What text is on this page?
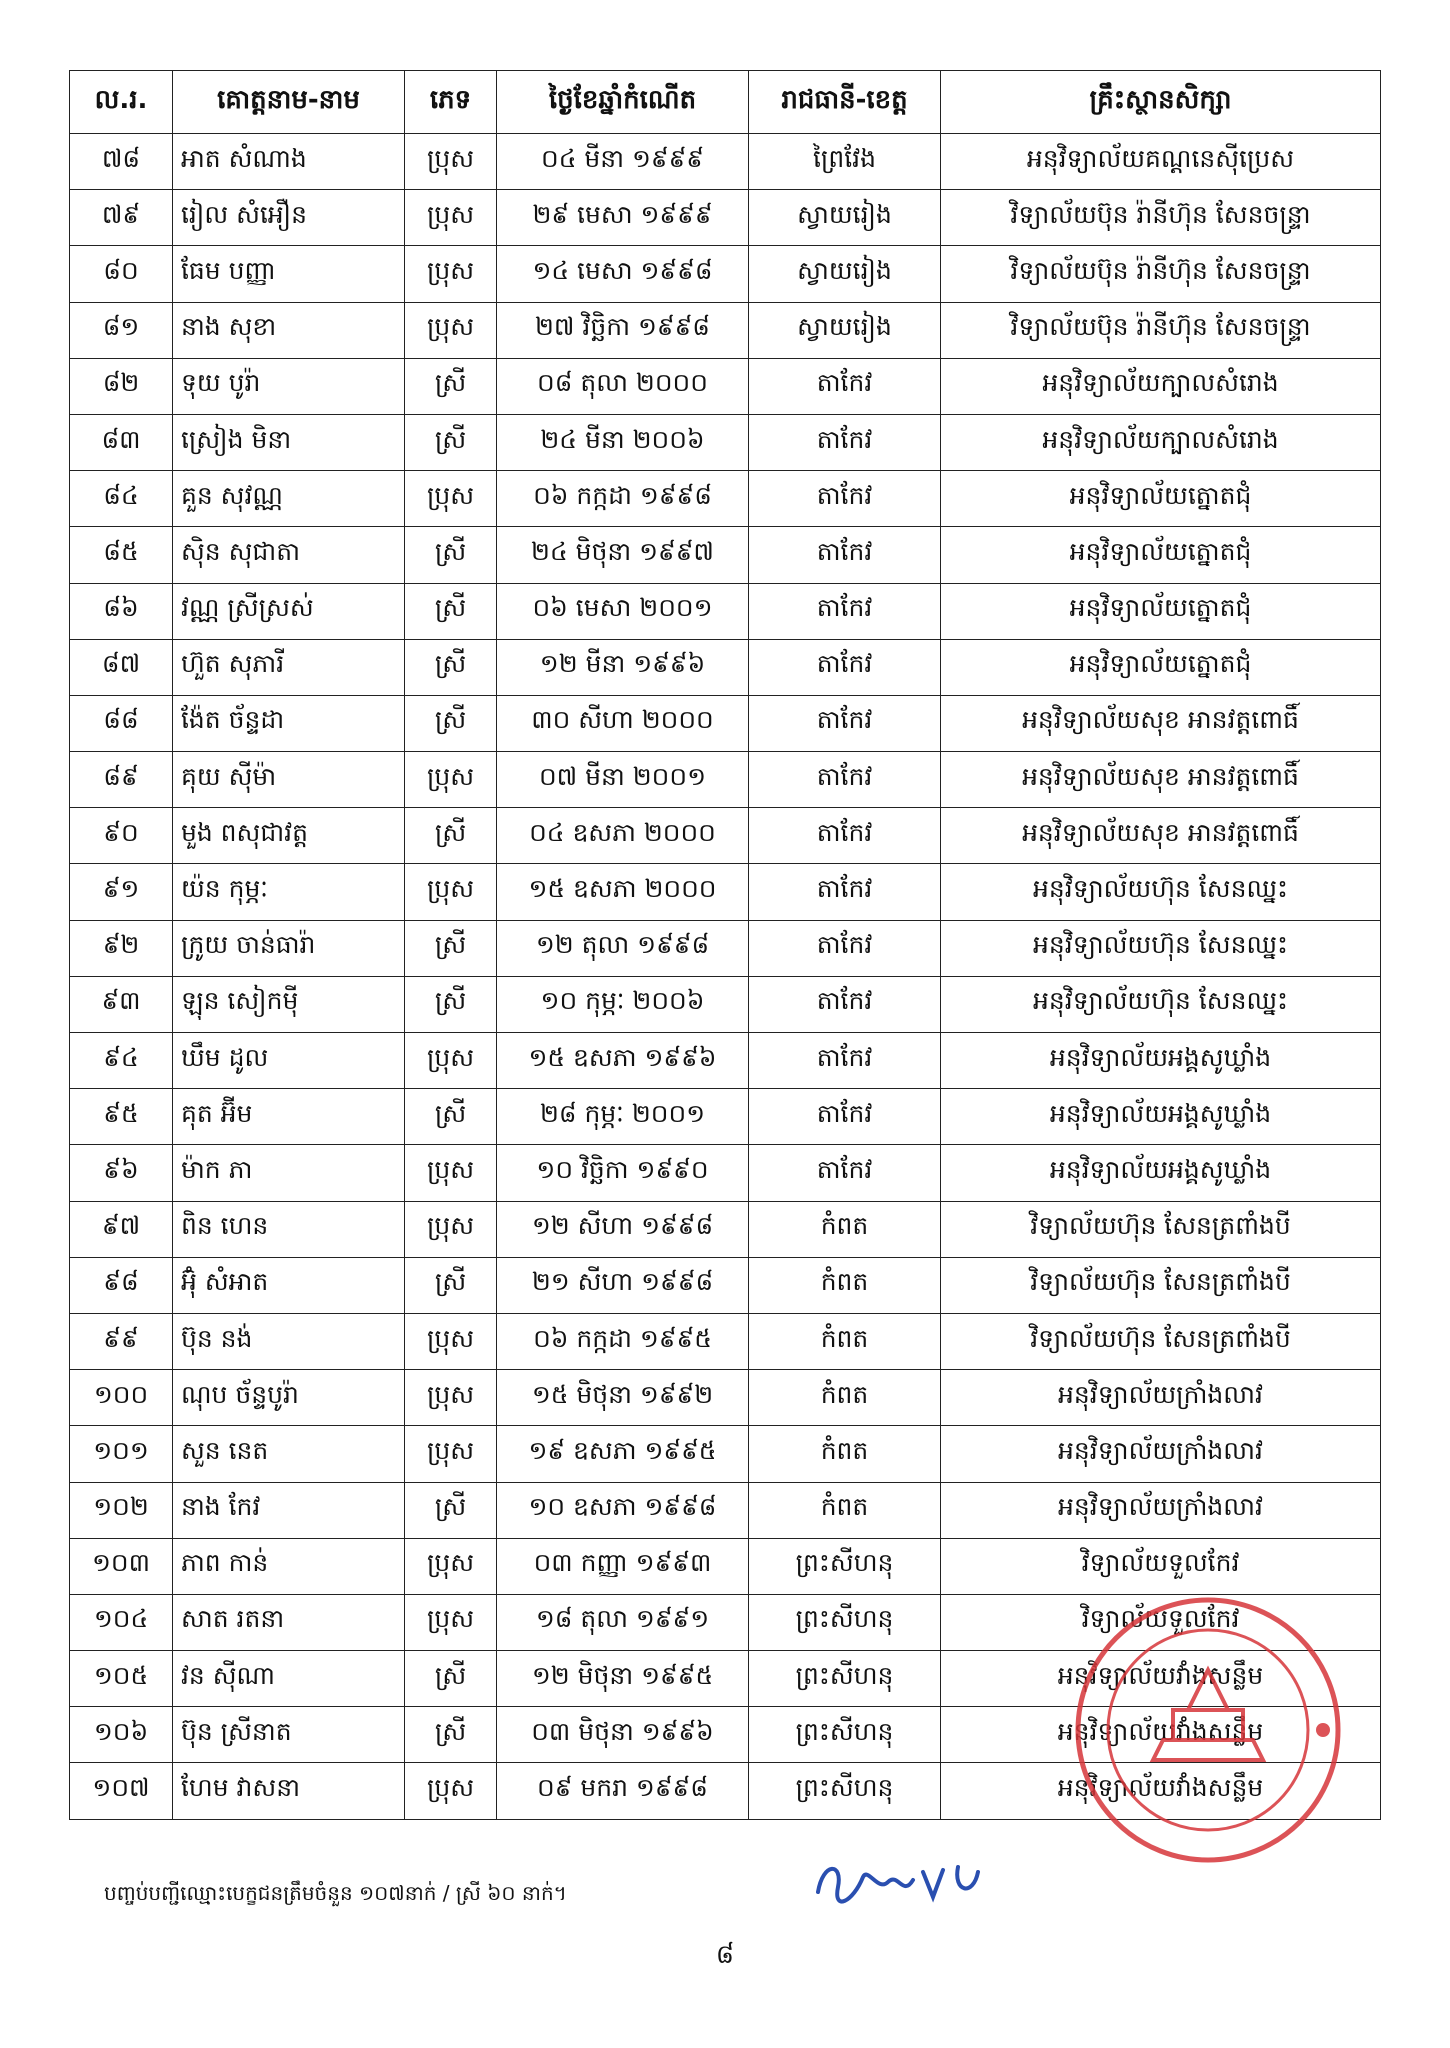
ល.រ.	គោត្តនាម-នាម	ភេទ	ថ្ងៃខែឆ្នាំកំណើត	រាជធានី-ខេត្ត	គ្រឹះស្ថានសិក្សា
៧៨	អាត សំណាង	ប្រុស	០៤ មីនា ១៩៩៩	ព្រៃវែង	អនុវិទ្យាល័យគណ្ដនេស៊ីប្រេស
៧៩	រៀល សំអឿន	ប្រុស	២៩ មេសា ១៩៩៩	ស្វាយរៀង	វិទ្យាល័យប៊ុន រ៉ានីហ៊ុន សែនចន្ទ្រា
៨០	ធែម បញ្ញា	ប្រុស	១៤ មេសា ១៩៩៨	ស្វាយរៀង	វិទ្យាល័យប៊ុន រ៉ានីហ៊ុន សែនចន្ទ្រា
៨១	នាង សុខា	ប្រុស	២៧ វិច្ឆិកា ១៩៩៨	ស្វាយរៀង	វិទ្យាល័យប៊ុន រ៉ានីហ៊ុន សែនចន្ទ្រា
៨២	ទុយ បូរ៉ា	ស្រី	០៨ តុលា ២០០០	តាកែវ	អនុវិទ្យាល័យក្បាលសំរោង
៨៣	ស្រៀង មិនា	ស្រី	២៤ មីនា ២០០៦	តាកែវ	អនុវិទ្យាល័យក្បាលសំរោង
៨៤	គួន សុវណ្ណ	ប្រុស	០៦ កក្កដា ១៩៩៨	តាកែវ	អនុវិទ្យាល័យត្នោតជុំ
៨៥	ស៊ិន សុជាតា	ស្រី	២៤ មិថុនា ១៩៩៧	តាកែវ	អនុវិទ្យាល័យត្នោតជុំ
៨៦	វណ្ណ ស្រីស្រស់	ស្រី	០៦ មេសា ២០០១	តាកែវ	អនុវិទ្យាល័យត្នោតជុំ
៨៧	ហ៊ួត សុភារី	ស្រី	១២ មីនា ១៩៩៦	តាកែវ	អនុវិទ្យាល័យត្នោតជុំ
៨៨	ង៉ែត ច័ន្ទដា	ស្រី	៣០ សីហា ២០០០	តាកែវ	អនុវិទ្យាល័យសុខ អានវត្តពោធិ៍
៨៩	គុយ ស៊ីម៉ា	ប្រុស	០៧ មីនា ២០០១	តាកែវ	អនុវិទ្យាល័យសុខ អានវត្តពោធិ៍
៩០	មួង ពសុជាវត្ត	ស្រី	០៤ ឧសភា ២០០០	តាកែវ	អនុវិទ្យាល័យសុខ អានវត្តពោធិ៍
៩១	យ៉ន កុម្ភៈ	ប្រុស	១៥ ឧសភា ២០០០	តាកែវ	អនុវិទ្យាល័យហ៊ុន សែនឈ្នះ
៩២	ក្រូយ ចាន់ធារ៉ា	ស្រី	១២ តុលា ១៩៩៨	តាកែវ	អនុវិទ្យាល័យហ៊ុន សែនឈ្នះ
៩៣	ឡុន សៀកមុី	ស្រី	១០ កុម្ភៈ ២០០៦	តាកែវ	អនុវិទ្យាល័យហ៊ុន សែនឈ្នះ
៩៤	ឃឹម ដូល	ប្រុស	១៥ ឧសភា ១៩៩៦	តាកែវ	អនុវិទ្យាល័យអង្គសូឃ្លាំង
៩៥	គុត អ៊ីម	ស្រី	២៨ កុម្ភៈ ២០០១	តាកែវ	អនុវិទ្យាល័យអង្គសូឃ្លាំង
៩៦	ម៉ាក ភា	ប្រុស	១០ វិច្ឆិកា ១៩៩០	តាកែវ	អនុវិទ្យាល័យអង្គសូឃ្លាំង
៩៧	ពិន ហេន	ប្រុស	១២ សីហា ១៩៩៨	កំពត	វិទ្យាល័យហ៊ុន សែនត្រពាំងបី
៩៨	អ៊ុំ សំអាត	ស្រី	២១ សីហា ១៩៩៨	កំពត	វិទ្យាល័យហ៊ុន សែនត្រពាំងបី
៩៩	ប៊ុន នង់	ប្រុស	០៦ កក្កដា ១៩៩៥	កំពត	វិទ្យាល័យហ៊ុន សែនត្រពាំងបី
១០០	ណុប ច័ន្ទបូរ៉ា	ប្រុស	១៥ មិថុនា ១៩៩២	កំពត	អនុវិទ្យាល័យក្រាំងលាវ
១០១	សួន នេត	ប្រុស	១៩ ឧសភា ១៩៩៥	កំពត	អនុវិទ្យាល័យក្រាំងលាវ
១០២	នាង កែវ	ស្រី	១០ ឧសភា ១៩៩៨	កំពត	អនុវិទ្យាល័យក្រាំងលាវ
១០៣	ភាព កាន់	ប្រុស	០៣ កញ្ញា ១៩៩៣	ព្រះសីហនុ	វិទ្យាល័យទួលកែវ
១០៤	សាត រតនា	ប្រុស	១៨ តុលា ១៩៩១	ព្រះសីហនុ	វិទ្យាល័យទួលកែវ
១០៥	វន ស៊ីណា	ស្រី	១២ មិថុនា ១៩៩៥	ព្រះសីហនុ	អនុវិទ្យាល័យវាំងសន្លឹម
១០៦	ប៊ុន ស្រីនាត	ស្រី	០៣ មិថុនា ១៩៩៦	ព្រះសីហនុ	អនុវិទ្យាល័យវាំងសន្លឹម
១០៧	ហែម វាសនា	ប្រុស	០៩ មករា ១៩៩៨	ព្រះសីហនុ	អនុវិទ្យាល័យវាំងសន្លឹម
បញ្ចប់បញ្ជីឈ្មោះបេក្ខជនត្រឹមចំនួន ១០៧នាក់ / ស្រី ៦០ នាក់។
៨
